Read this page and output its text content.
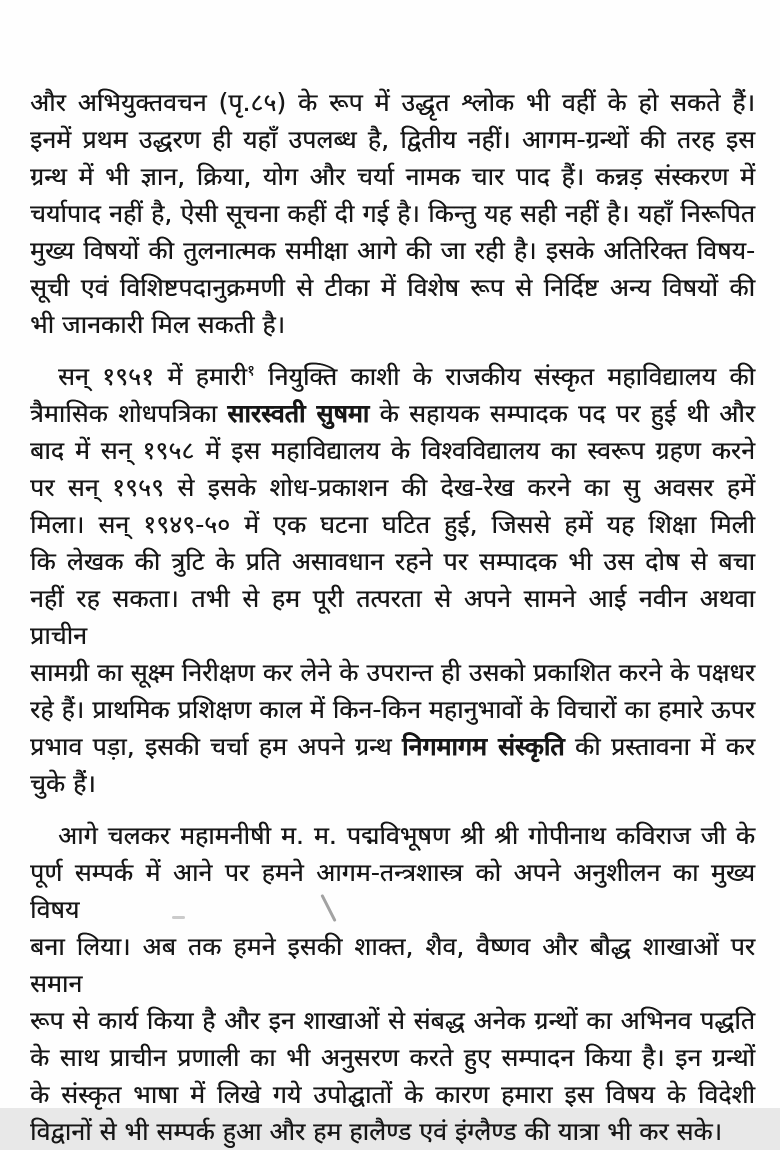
और अभियुक्तवचन (पृ.८५) के रूप में उद्धृत श्लोक भी वहीं के हो सकते हैं।
इनमें प्रथम उद्धरण ही यहाँ उपलब्ध है, द्वितीय नहीं। आगम-ग्रन्थों की तरह इस
ग्रन्थ में भी ज्ञान, क्रिया, योग और चर्या नामक चार पाद हैं। कन्नड़ संस्करण में
चर्यापाद नहीं है, ऐसी सूचना कहीं दी गई है। किन्तु यह सही नहीं है। यहाँ निरूपित
मुख्य विषयों की तुलनात्मक समीक्षा आगे की जा रही है। इसके अतिरिक्त विषय-
सूची एवं विशिष्टपदानुक्रमणी से टीका में विशेष रूप से निर्दिष्ट अन्य विषयों की
भी जानकारी मिल सकती है।
सन् १९५१ में हमारी$^१$ नियुक्ति काशी के राजकीय संस्कृत महाविद्यालय की
त्रैमासिक शोधपत्रिका सारस्वती सुषमा के सहायक सम्पादक पद पर हुई थी और
बाद में सन् १९५८ में इस महाविद्यालय के विश्वविद्यालय का स्वरूप ग्रहण करने
पर सन् १९५९ से इसके शोध-प्रकाशन की देख-रेख करने का सु अवसर हमें
मिला। सन् १९४९-५० में एक घटना घटित हुई, जिससे हमें यह शिक्षा मिली
कि लेखक की त्रुटि के प्रति असावधान रहने पर सम्पादक भी उस दोष से बचा
नहीं रह सकता। तभी से हम पूरी तत्परता से अपने सामने आई नवीन अथवा प्राचीन
सामग्री का सूक्ष्म निरीक्षण कर लेने के उपरान्त ही उसको प्रकाशित करने के पक्षधर
रहे हैं। प्राथमिक प्रशिक्षण काल में किन-किन महानुभावों के विचारों का हमारे ऊपर
प्रभाव पड़ा, इसकी चर्चा हम अपने ग्रन्थ निगमागम संस्कृति की प्रस्तावना में कर
चुके हैं।
आगे चलकर महामनीषी म. म. पद्मविभूषण श्री श्री गोपीनाथ कविराज जी के
पूर्ण सम्पर्क में आने पर हमने आगम-तन्त्रशास्त्र को अपने अनुशीलन का मुख्य विषय
बना लिया। अब तक हमने इसकी शाक्त, शैव, वैष्णव और बौद्ध शाखाओं पर समान
रूप से कार्य किया है और इन शाखाओं से संबद्ध अनेक ग्रन्थों का अभिनव पद्धति
के साथ प्राचीन प्रणाली का भी अनुसरण करते हुए सम्पादन किया है। इन ग्रन्थों
के संस्कृत भाषा में लिखे गये उपोद्घातों के कारण हमारा इस विषय के विदेशी
विद्वानों से भी सम्पर्क हुआ और हम हालैण्ड एवं इंग्लैण्ड की यात्रा भी कर सके।
